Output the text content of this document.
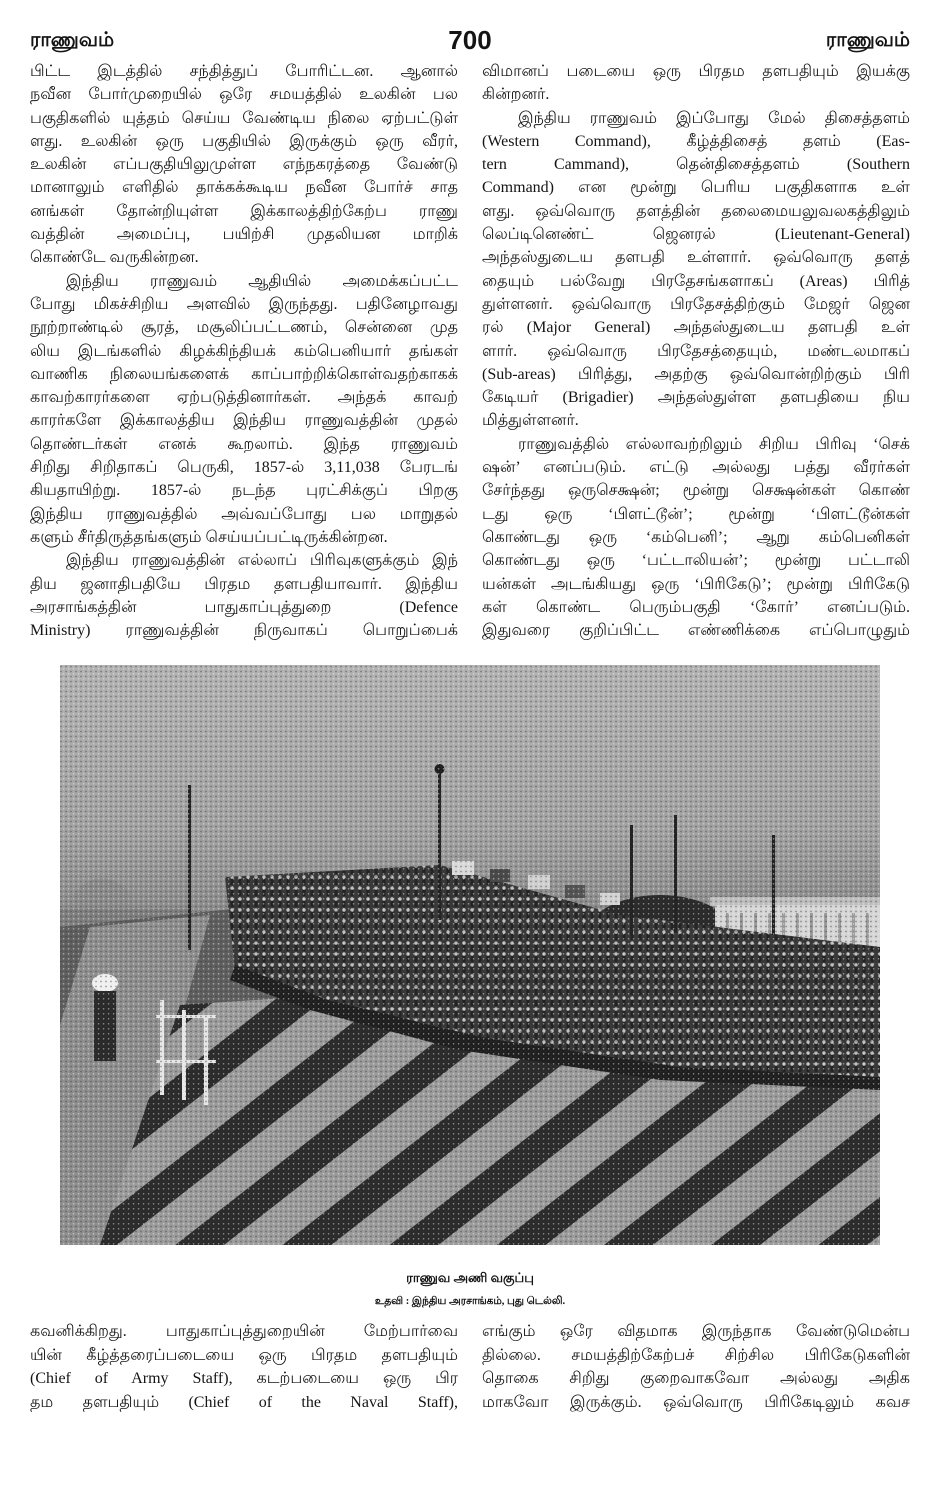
ராணுவம்	700	ராணுவம்
பிட்ட இடத்தில் சந்தித்துப் போரிட்டன. ஆனால்
நவீன போர்முறையில் ஒரே சமயத்தில் உலகின் பல
பகுதிகளில் யுத்தம் செய்ய வேண்டிய நிலை ஏற்பட்டுள்
ளது. உலகின் ஒரு பகுதியில் இருக்கும் ஒரு வீரர்,
உலகின் எப்பகுதியிலுமுள்ள எந்நகரத்தை வேண்டு
மானாலும் எளிதில் தாக்கக்கூடிய நவீன போர்ச் சாத
னங்கள் தோன்றியுள்ள இக்காலத்திற்கேற்ப ராணு
வத்தின் அமைப்பு, பயிற்சி முதலியன மாறிக்
கொண்டே வருகின்றன.
இந்திய ராணுவம் ஆதியில் அமைக்கப்பட்ட
போது மிகச்சிறிய அளவில் இருந்தது. பதினேழாவது
நூற்றாண்டில் சூரத், மசூலிப்பட்டணம், சென்னை முத
லிய இடங்களில் கிழக்கிந்தியக் கம்பெனியார் தங்கள்
வாணிக நிலையங்களைக் காப்பாற்றிக்கொள்வதற்காகக்
காவற்காரர்களை ஏற்படுத்தினார்கள். அந்தக் காவற்
காரர்களே இக்காலத்திய இந்திய ராணுவத்தின் முதல்
தொண்டர்கள் எனக் கூறலாம். இந்த ராணுவம்
சிறிது சிறிதாகப் பெருகி, 1857-ல் 3,11,038 பேரடங்
கியதாயிற்று. 1857-ல் நடந்த புரட்சிக்குப் பிறகு
இந்திய ராணுவத்தில் அவ்வப்போது பல மாறுதல்
களும் சீர்திருத்தங்களும் செய்யப்பட்டிருக்கின்றன.
இந்திய ராணுவத்தின் எல்லாப் பிரிவுகளுக்கும் இந்
திய ஜனாதிபதியே பிரதம தளபதியாவார். இந்திய
அரசாங்கத்தின் பாதுகாப்புத்துறை (Defence
Ministry) ராணுவத்தின் நிருவாகப் பொறுப்பைக்
விமானப் படையை ஒரு பிரதம தளபதியும் இயக்கு
கின்றனர்.
இந்திய ராணுவம் இப்போது மேல் திசைத்தளம்
(Western Command), கீழ்த்திசைத் தளம் (Eas-
tern Cammand), தென்திசைத்தளம் (Southern
Command) என மூன்று பெரிய பகுதிகளாக உள்
ளது. ஒவ்வொரு தளத்தின் தலைமையலுவலகத்திலும்
லெப்டினெண்ட் ஜெனரல் (Lieutenant-General)
அந்தஸ்துடைய தளபதி உள்ளார். ஒவ்வொரு தளத்
தையும் பல்வேறு பிரதேசங்களாகப் (Areas) பிரித்
துள்ளனர். ஒவ்வொரு பிரதேசத்திற்கும் மேஜர் ஜென
ரல் (Major General) அந்தஸ்துடைய தளபதி உள்
ளார். ஒவ்வொரு பிரதேசத்தையும், மண்டலமாகப்
(Sub-areas) பிரித்து, அதற்கு ஒவ்வொன்றிற்கும் பிரி
கேடியர் (Brigadier) அந்தஸ்துள்ள தளபதியை நிய
மித்துள்ளனர்.
ராணுவத்தில் எல்லாவற்றிலும் சிறிய பிரிவு ‘செக்
ஷன்’ எனப்படும். எட்டு அல்லது பத்து வீரர்கள்
சேர்ந்தது ஒருசெக்ஷன்; மூன்று செக்ஷன்கள் கொண்
டது ஒரு ‘பிளட்டூன்’; மூன்று ‘பிளட்டூன்கள்
கொண்டது ஒரு ‘கம்பெனி’; ஆறு கம்பெனிகள்
கொண்டது ஒரு ‘பட்டாலியன்’; மூன்று பட்டாலி
யன்கள் அடங்கியது ஒரு ‘பிரிகேடு’; மூன்று பிரிகேடு
கள் கொண்ட பெரும்பகுதி ‘கோர்’ எனப்படும்.
இதுவரை குறிப்பிட்ட எண்ணிக்கை எப்பொழுதும்
ராணுவ அணி வகுப்பு
உதவி : இந்திய அரசாங்கம், புது டெல்லி.
கவனிக்கிறது. பாதுகாப்புத்துறையின் மேற்பார்வை
யின் கீழ்த்தரைப்படையை ஒரு பிரதம தளபதியும்
(Chief of Army Staff), கடற்படையை ஒரு பிர
தம தளபதியும் (Chief of the Naval Staff),
எங்கும் ஒரே விதமாக இருந்தாக வேண்டுமென்ப
தில்லை. சமயத்திற்கேற்பச் சிற்சில பிரிகேடுகளின்
தொகை சிறிது குறைவாகவோ அல்லது அதிக
மாகவோ இருக்கும். ஒவ்வொரு பிரிகேடிலும் கவச
